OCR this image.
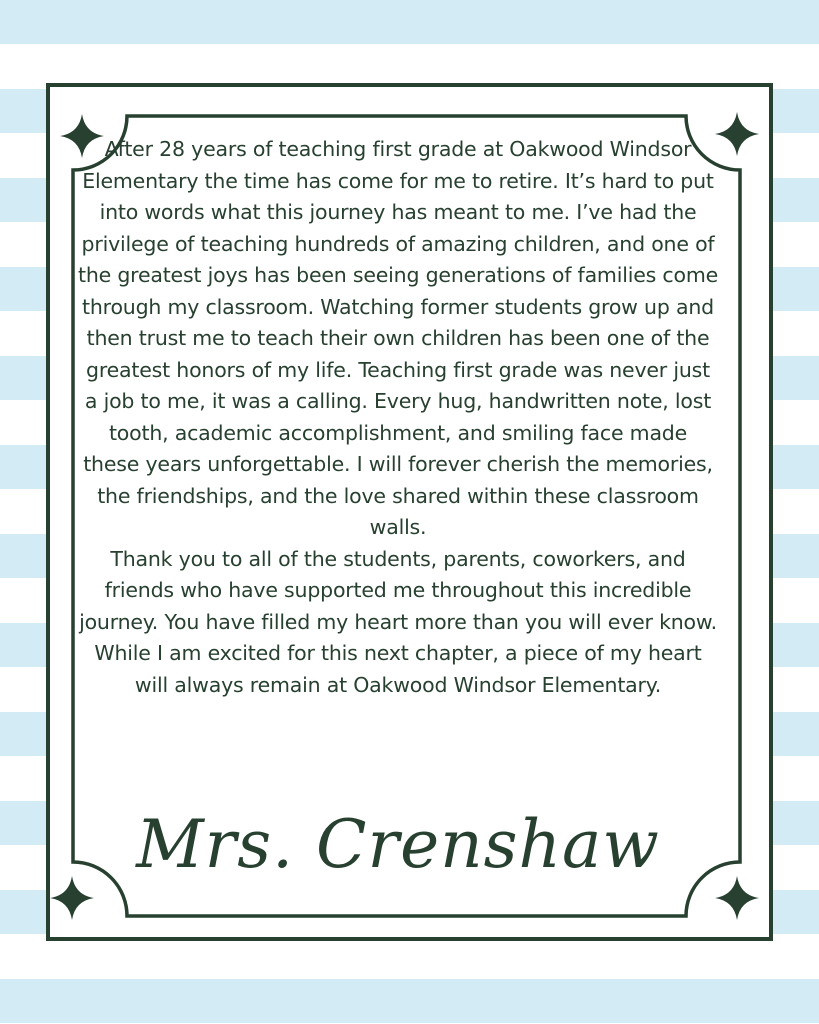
After 28 years of teaching first grade at Oakwood Windsor Elementary the time has come for me to retire. It’s hard to put into words what this journey has meant to me. I’ve had the privilege of teaching hundreds of amazing children, and one of the greatest joys has been seeing generations of families come through my classroom. Watching former students grow up and then trust me to teach their own children has been one of the greatest honors of my life. Teaching first grade was never just a job to me, it was a calling. Every hug, handwritten note, lost tooth, academic accomplishment, and smiling face made these years unforgettable. I will forever cherish the memories, the friendships, and the love shared within these classroom walls.

Thank you to all of the students, parents, coworkers, and friends who have supported me throughout this incredible journey. You have filled my heart more than you will ever know.

While I am excited for this next chapter, a piece of my heart will always remain at Oakwood Windsor Elementary.

Mrs. Crenshaw
